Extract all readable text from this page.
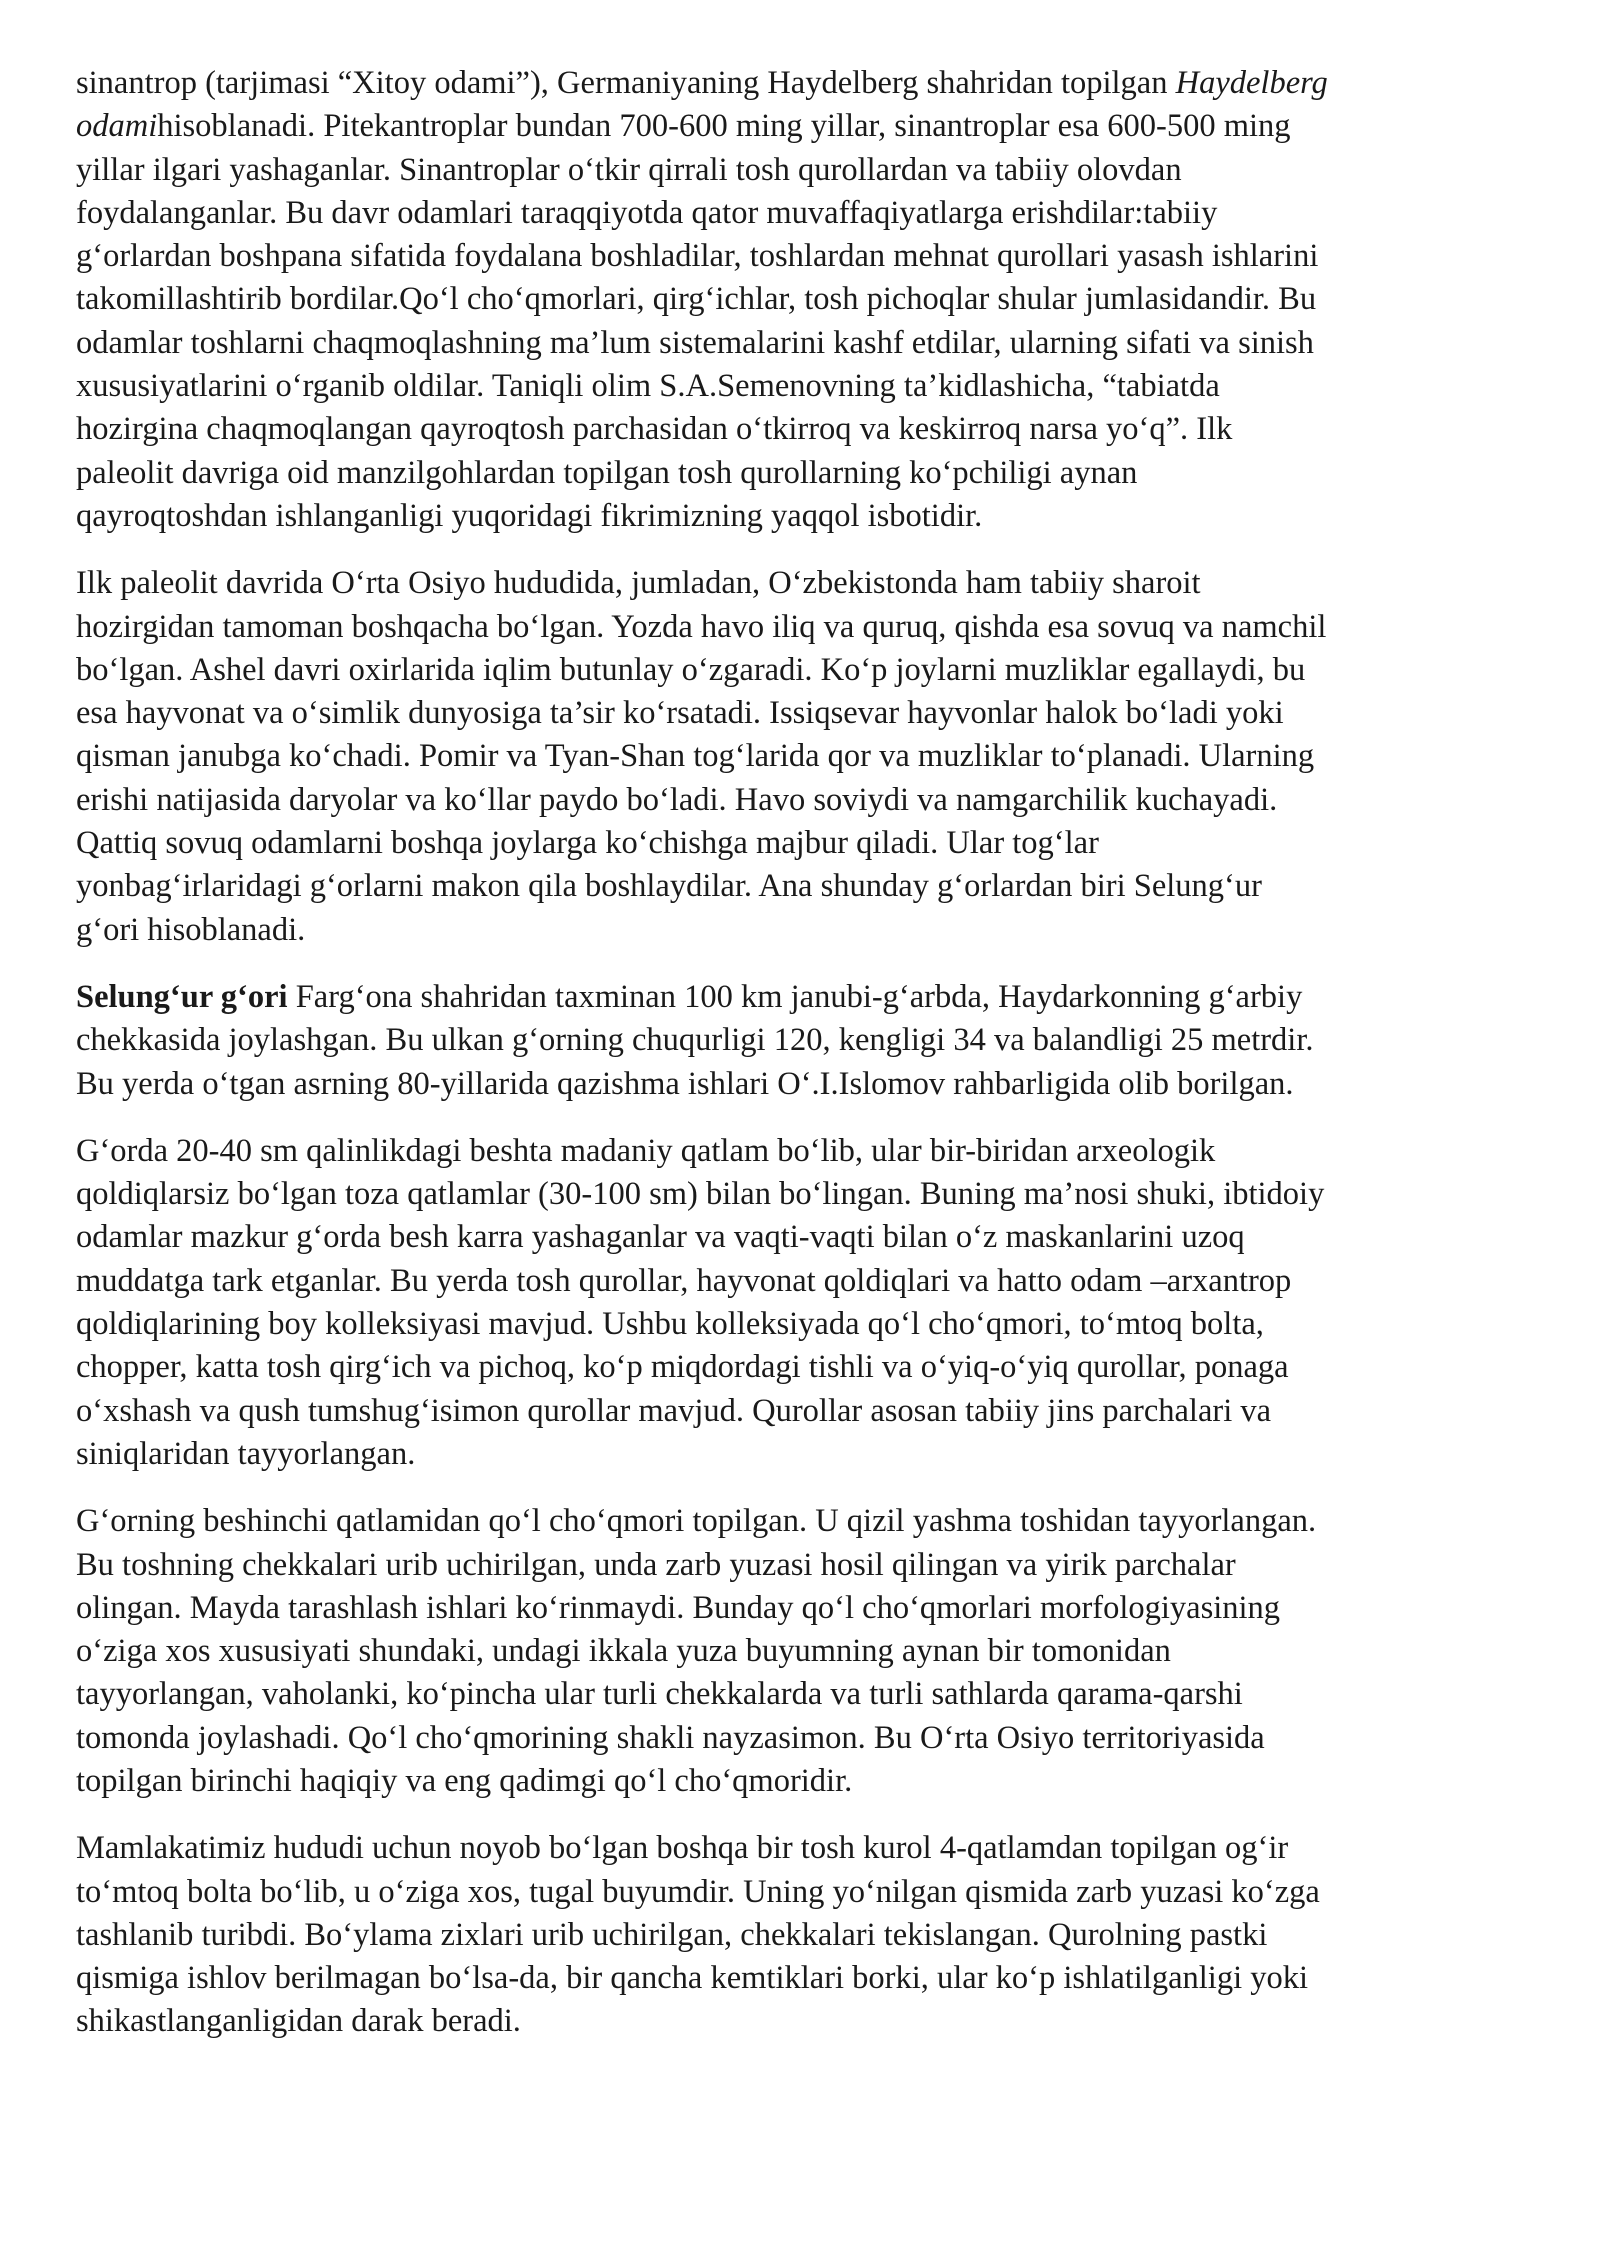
sinantrop (tarjimasi “Xitoy odami”), Germaniyaning Haydelberg shahridan topilgan Haydelberg
odamihisoblanadi. Pitekantroplar bundan 700-600 ming yillar, sinantroplar esa 600-500 ming
yillar ilgari yashaganlar. Sinantroplar o‘tkir qirrali tosh qurollardan va tabiiy olovdan
foydalanganlar. Bu davr odamlari taraqqiyotda qator muvaffaqiyatlarga erishdilar:tabiiy
g‘orlardan boshpana sifatida foydalana boshladilar, toshlardan mehnat qurollari yasash ishlarini
takomillashtirib bordilar.Qo‘l cho‘qmorlari, qirg‘ichlar, tosh pichoqlar shular jumlasidandir. Bu
odamlar toshlarni chaqmoqlashning ma’lum sistemalarini kashf etdilar, ularning sifati va sinish
xususiyatlarini o‘rganib oldilar. Taniqli olim S.A.Semenovning ta’kidlashicha, “tabiatda
hozirgina chaqmoqlangan qayroqtosh parchasidan o‘tkirroq va keskirroq narsa yo‘q”. Ilk
paleolit davriga oid manzilgohlardan topilgan tosh qurollarning ko‘pchiligi aynan
qayroqtoshdan ishlanganligi yuqoridagi fikrimizning yaqqol isbotidir.
Ilk paleolit davrida O‘rta Osiyo hududida, jumladan, O‘zbekistonda ham tabiiy sharoit
hozirgidan tamoman boshqacha bo‘lgan. Yozda havo iliq va quruq, qishda esa sovuq va namchil
bo‘lgan. Ashel davri oxirlarida iqlim butunlay o‘zgaradi. Ko‘p joylarni muzliklar egallaydi, bu
esa hayvonat va o‘simlik dunyosiga ta’sir ko‘rsatadi. Issiqsevar hayvonlar halok bo‘ladi yoki
qisman janubga ko‘chadi. Pomir va Tyan-Shan tog‘larida qor va muzliklar to‘planadi. Ularning
erishi natijasida daryolar va ko‘llar paydo bo‘ladi. Havo soviydi va namgarchilik kuchayadi.
Qattiq sovuq odamlarni boshqa joylarga ko‘chishga majbur qiladi. Ular tog‘lar
yonbag‘irlaridagi g‘orlarni makon qila boshlaydilar. Ana shunday g‘orlardan biri Selung‘ur
g‘ori hisoblanadi.
Selung‘ur g‘ori Farg‘ona shahridan taxminan 100 km janubi-g‘arbda, Haydarkonning g‘arbiy
chekkasida joylashgan. Bu ulkan g‘orning chuqurligi 120, kengligi 34 va balandligi 25 metrdir.
Bu yerda o‘tgan asrning 80-yillarida qazishma ishlari O‘.I.Islomov rahbarligida olib borilgan.
G‘orda 20-40 sm qalinlikdagi beshta madaniy qatlam bo‘lib, ular bir-biridan arxeologik
qoldiqlarsiz bo‘lgan toza qatlamlar (30-100 sm) bilan bo‘lingan. Buning ma’nosi shuki, ibtidoiy
odamlar mazkur g‘orda besh karra yashaganlar va vaqti-vaqti bilan o‘z maskanlarini uzoq
muddatga tark etganlar. Bu yerda tosh qurollar, hayvonat qoldiqlari va hatto odam –arxantrop
qoldiqlarining boy kolleksiyasi mavjud. Ushbu kolleksiyada qo‘l cho‘qmori, to‘mtoq bolta,
chopper, katta tosh qirg‘ich va pichoq, ko‘p miqdordagi tishli va o‘yiq-o‘yiq qurollar, ponaga
o‘xshash va qush tumshug‘isimon qurollar mavjud. Qurollar asosan tabiiy jins parchalari va
siniqlaridan tayyorlangan.
G‘orning beshinchi qatlamidan qo‘l cho‘qmori topilgan. U qizil yashma toshidan tayyorlangan.
Bu toshning chekkalari urib uchirilgan, unda zarb yuzasi hosil qilingan va yirik parchalar
olingan. Mayda tarashlash ishlari ko‘rinmaydi. Bunday qo‘l cho‘qmorlari morfologiyasining
o‘ziga xos xususiyati shundaki, undagi ikkala yuza buyumning aynan bir tomonidan
tayyorlangan, vaholanki, ko‘pincha ular turli chekkalarda va turli sathlarda qarama-qarshi
tomonda joylashadi. Qo‘l cho‘qmorining shakli nayzasimon. Bu O‘rta Osiyo territoriyasida
topilgan birinchi haqiqiy va eng qadimgi qo‘l cho‘qmoridir.
Mamlakatimiz hududi uchun noyob bo‘lgan boshqa bir tosh kurol 4-qatlamdan topilgan og‘ir
to‘mtoq bolta bo‘lib, u o‘ziga xos, tugal buyumdir. Uning yo‘nilgan qismida zarb yuzasi ko‘zga
tashlanib turibdi. Bo‘ylama zixlari urib uchirilgan, chekkalari tekislangan. Qurolning pastki
qismiga ishlov berilmagan bo‘lsa-da, bir qancha kemtiklari borki, ular ko‘p ishlatilganligi yoki
shikastlanganligidan darak beradi.
